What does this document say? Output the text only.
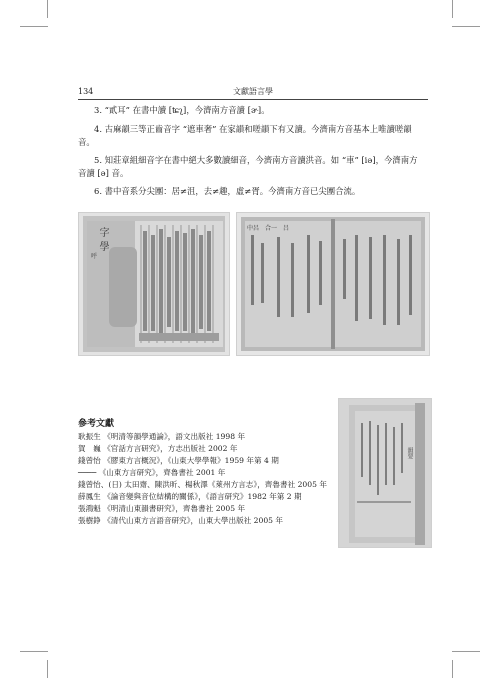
134	文獻語言學

3. “貳耳” 在書中讀 [ʨʅ]，今濟南方音讀 [ɚ]。

4. 古麻韻三等正齒音字 “遮車奢” 在家韻和嗟韻下有又讀。今濟南方音基本上唯讀嗟韻音。

5. 知莊章組細音字在書中絕大多數讀細音，今濟南方音讀洪音。如 “車” [iə]，今濟南方音讀 [ə] 音。

6. 書中音系分尖團：居≠沮，去≠趣，虛≠胥。今濟南方音已尖團合流。

字學
呼
中呂　合一　吕
參考文獻
耿振生 《明清等韻學通論》，語文出版社 1998 年
賀　巍 《官話方言研究》，方志出版社 2002 年
錢曾怡 《膠東方言概況》，《山東大學學報》1959 年第 4 期
──── 《山東方言研究》，齊魯書社 2001 年
錢曾怡、(日) 太田齋、陳洪昕、楊秋澤《萊州方言志》，齊魯書社 2005 年
薛鳳生 《論音變與音位結構的關係》，《語言研究》1982 年第 2 期
張鴻魁 《明清山東韻書研究》，齊魯書社 2005 年
張樹錚 《清代山東方言語音研究》，山東大學出版社 2005 年
韻要
